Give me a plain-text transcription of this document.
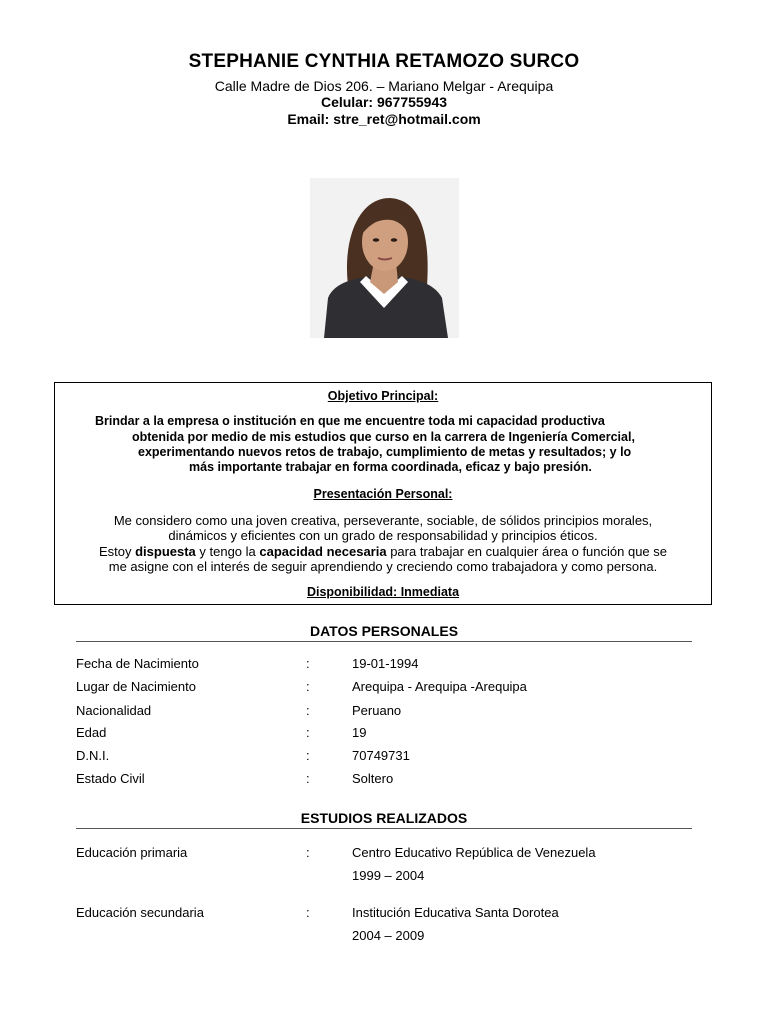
STEPHANIE CYNTHIA RETAMOZO SURCO
Calle Madre de Dios 206. – Mariano Melgar - Arequipa
Celular: 967755943
Email: stre_ret@hotmail.com
Objetivo Principal:
Brindar a la empresa o institución en que me encuentre toda mi capacidad productiva
obtenida por medio de mis estudios que curso en la carrera de Ingeniería Comercial,
experimentando nuevos retos de trabajo, cumplimiento de metas y resultados; y lo
más importante trabajar en forma coordinada, eficaz y bajo presión.
Presentación Personal:
Me considero como una joven creativa, perseverante, sociable, de sólidos principios morales,
dinámicos y eficientes con un grado de responsabilidad y principios éticos.
Estoy dispuesta y tengo la capacidad necesaria para trabajar en cualquier área o función que se
me asigne con el interés de seguir aprendiendo y creciendo como trabajadora y como persona.
Disponibilidad: Inmediata
DATOS PERSONALES
Fecha de Nacimiento	:	19-01-1994
Lugar de Nacimiento	:	Arequipa - Arequipa -Arequipa
Nacionalidad	:	Peruano
Edad	:	19
D.N.I.	:	70749731
Estado Civil	:	Soltero
ESTUDIOS REALIZADOS
Educación primaria	:	Centro Educativo República de Venezuela
1999 – 2004
Educación secundaria	:	Institución Educativa Santa Dorotea
2004 – 2009
